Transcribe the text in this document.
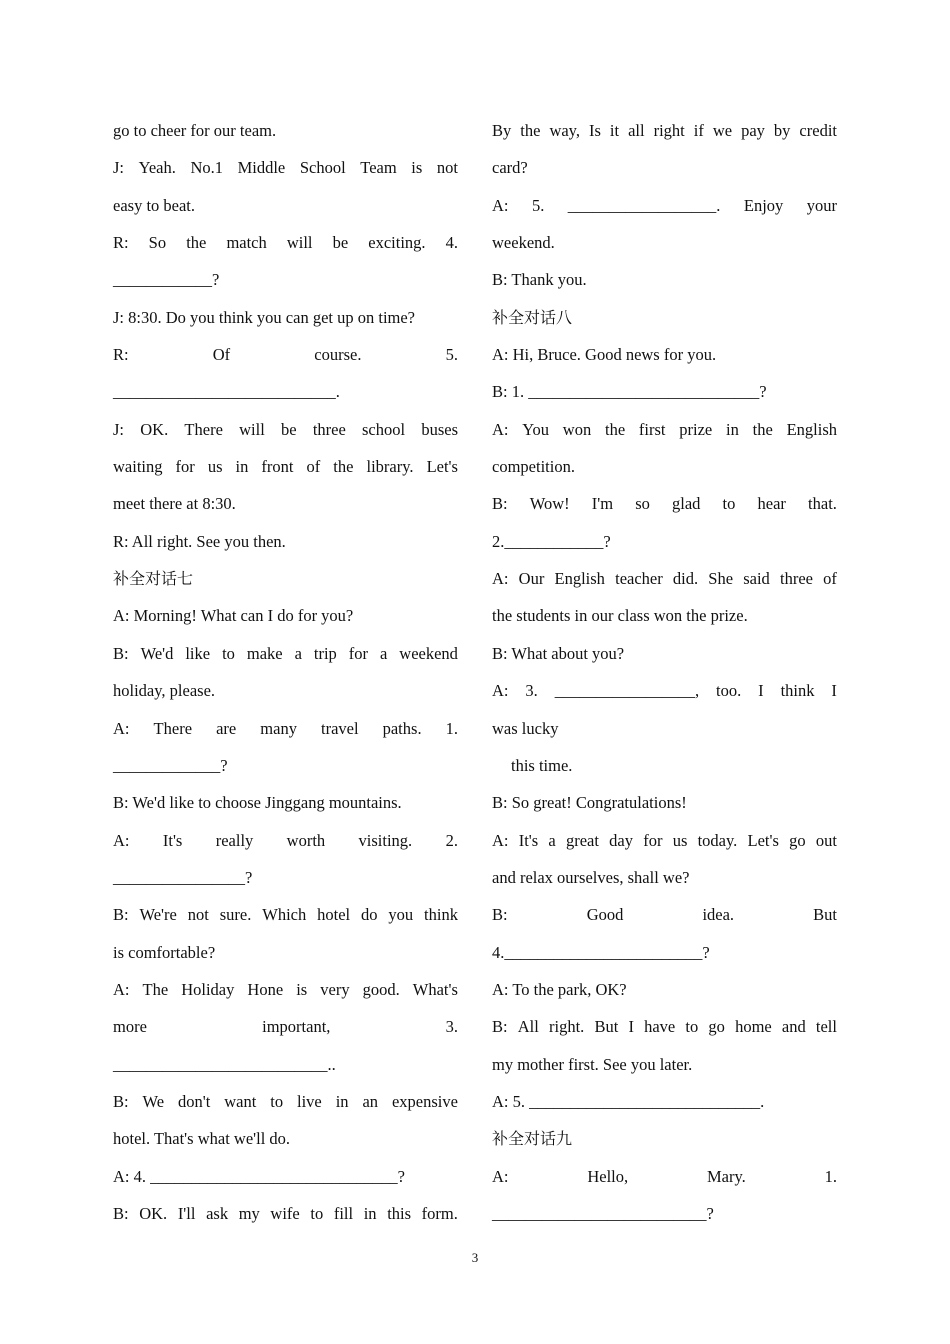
go to cheer for our team.
J: Yeah. No.1 Middle School Team is not
easy to beat.
R: So the match will be exciting. 4.
____________?
J: 8:30. Do you think you can get up on time?
R:	Of	course.	5.
___________________________.
J: OK. There will be three school buses
waiting for us in front of the library. Let's
meet there at 8:30.
R: All right. See you then.
补全对话七
A: Morning! What can I do for you?
B: We'd like to make a trip for a weekend
holiday, please.
A: There are many travel paths. 1.
_____________?
B: We'd like to choose Jinggang mountains.
A: It's really worth visiting. 2.
________________?
B: We're not sure. Which hotel do you think
is comfortable?
A: The Holiday Hone is very good. What's
more	important,	3.
__________________________..
B: We don't want to live in an expensive
hotel. That's what we'll do.
A: 4. ______________________________?
B: OK. I'll ask my wife to fill in this form.
By the way, Is it all right if we pay by credit
card?
A: 5. __________________. Enjoy your
weekend.
B: Thank you.
补全对话八
A: Hi, Bruce. Good news for you.
B: 1. ____________________________?
A: You won the first prize in the English
competition.
B: Wow! I'm so glad to hear that.
2.____________?
A: Our English teacher did. She said three of
the students in our class won the prize.
B: What about you?
A: 3. _________________, too. I think I
was lucky
this time.
B: So great! Congratulations!
A: It's a great day for us today. Let's go out
and relax ourselves, shall we?
B:	Good	idea.	But
4.________________________?
A: To the park, OK?
B: All right. But I have to go home and tell
my mother first. See you later.
A: 5. ____________________________.
补全对话九
A:	Hello,	Mary.	1.
__________________________?
3
